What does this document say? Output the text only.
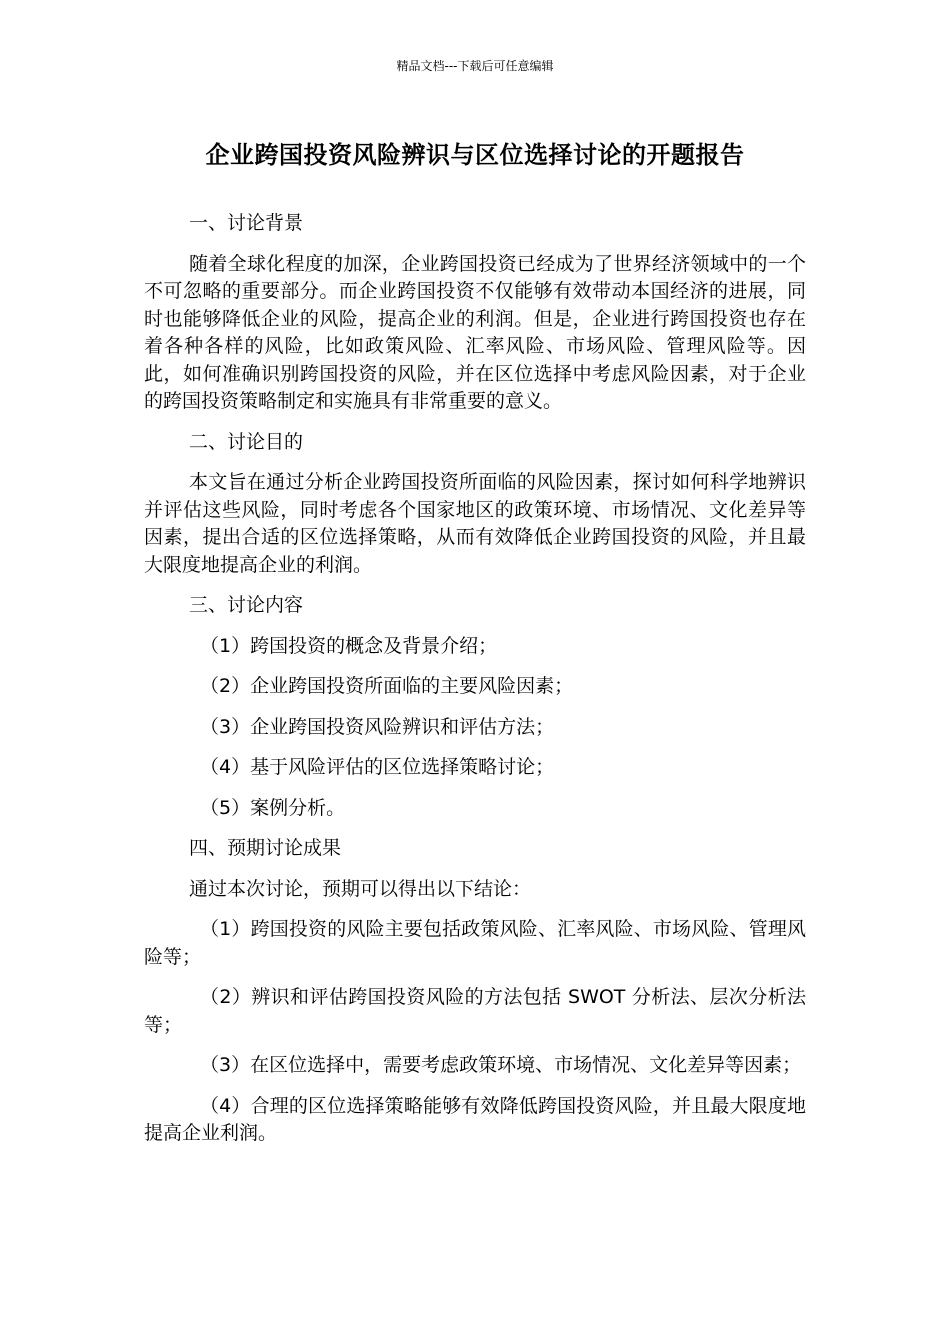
精品文档---下载后可任意编辑
企业跨国投资风险辨识与区位选择讨论的开题报告

一、讨论背景

随着全球化程度的加深，企业跨国投资已经成为了世界经济领域中的一个不可忽略的重要部分。而企业跨国投资不仅能够有效带动本国经济的进展，同时也能够降低企业的风险，提高企业的利润。但是，企业进行跨国投资也存在着各种各样的风险，比如政策风险、汇率风险、市场风险、管理风险等。因此，如何准确识别跨国投资的风险，并在区位选择中考虑风险因素，对于企业的跨国投资策略制定和实施具有非常重要的意义。

二、讨论目的

本文旨在通过分析企业跨国投资所面临的风险因素，探讨如何科学地辨识并评估这些风险，同时考虑各个国家地区的政策环境、市场情况、文化差异等因素，提出合适的区位选择策略，从而有效降低企业跨国投资的风险，并且最大限度地提高企业的利润。

三、讨论内容

（1）跨国投资的概念及背景介绍；

（2）企业跨国投资所面临的主要风险因素；

（3）企业跨国投资风险辨识和评估方法；

（4）基于风险评估的区位选择策略讨论；

（5）案例分析。

四、预期讨论成果

通过本次讨论，预期可以得出以下结论：

（1）跨国投资的风险主要包括政策风险、汇率风险、市场风险、管理风险等；

（2）辨识和评估跨国投资风险的方法包括 SWOT 分析法、层次分析法等；

（3）在区位选择中，需要考虑政策环境、市场情况、文化差异等因素；

（4）合理的区位选择策略能够有效降低跨国投资风险，并且最大限度地提高企业利润。
